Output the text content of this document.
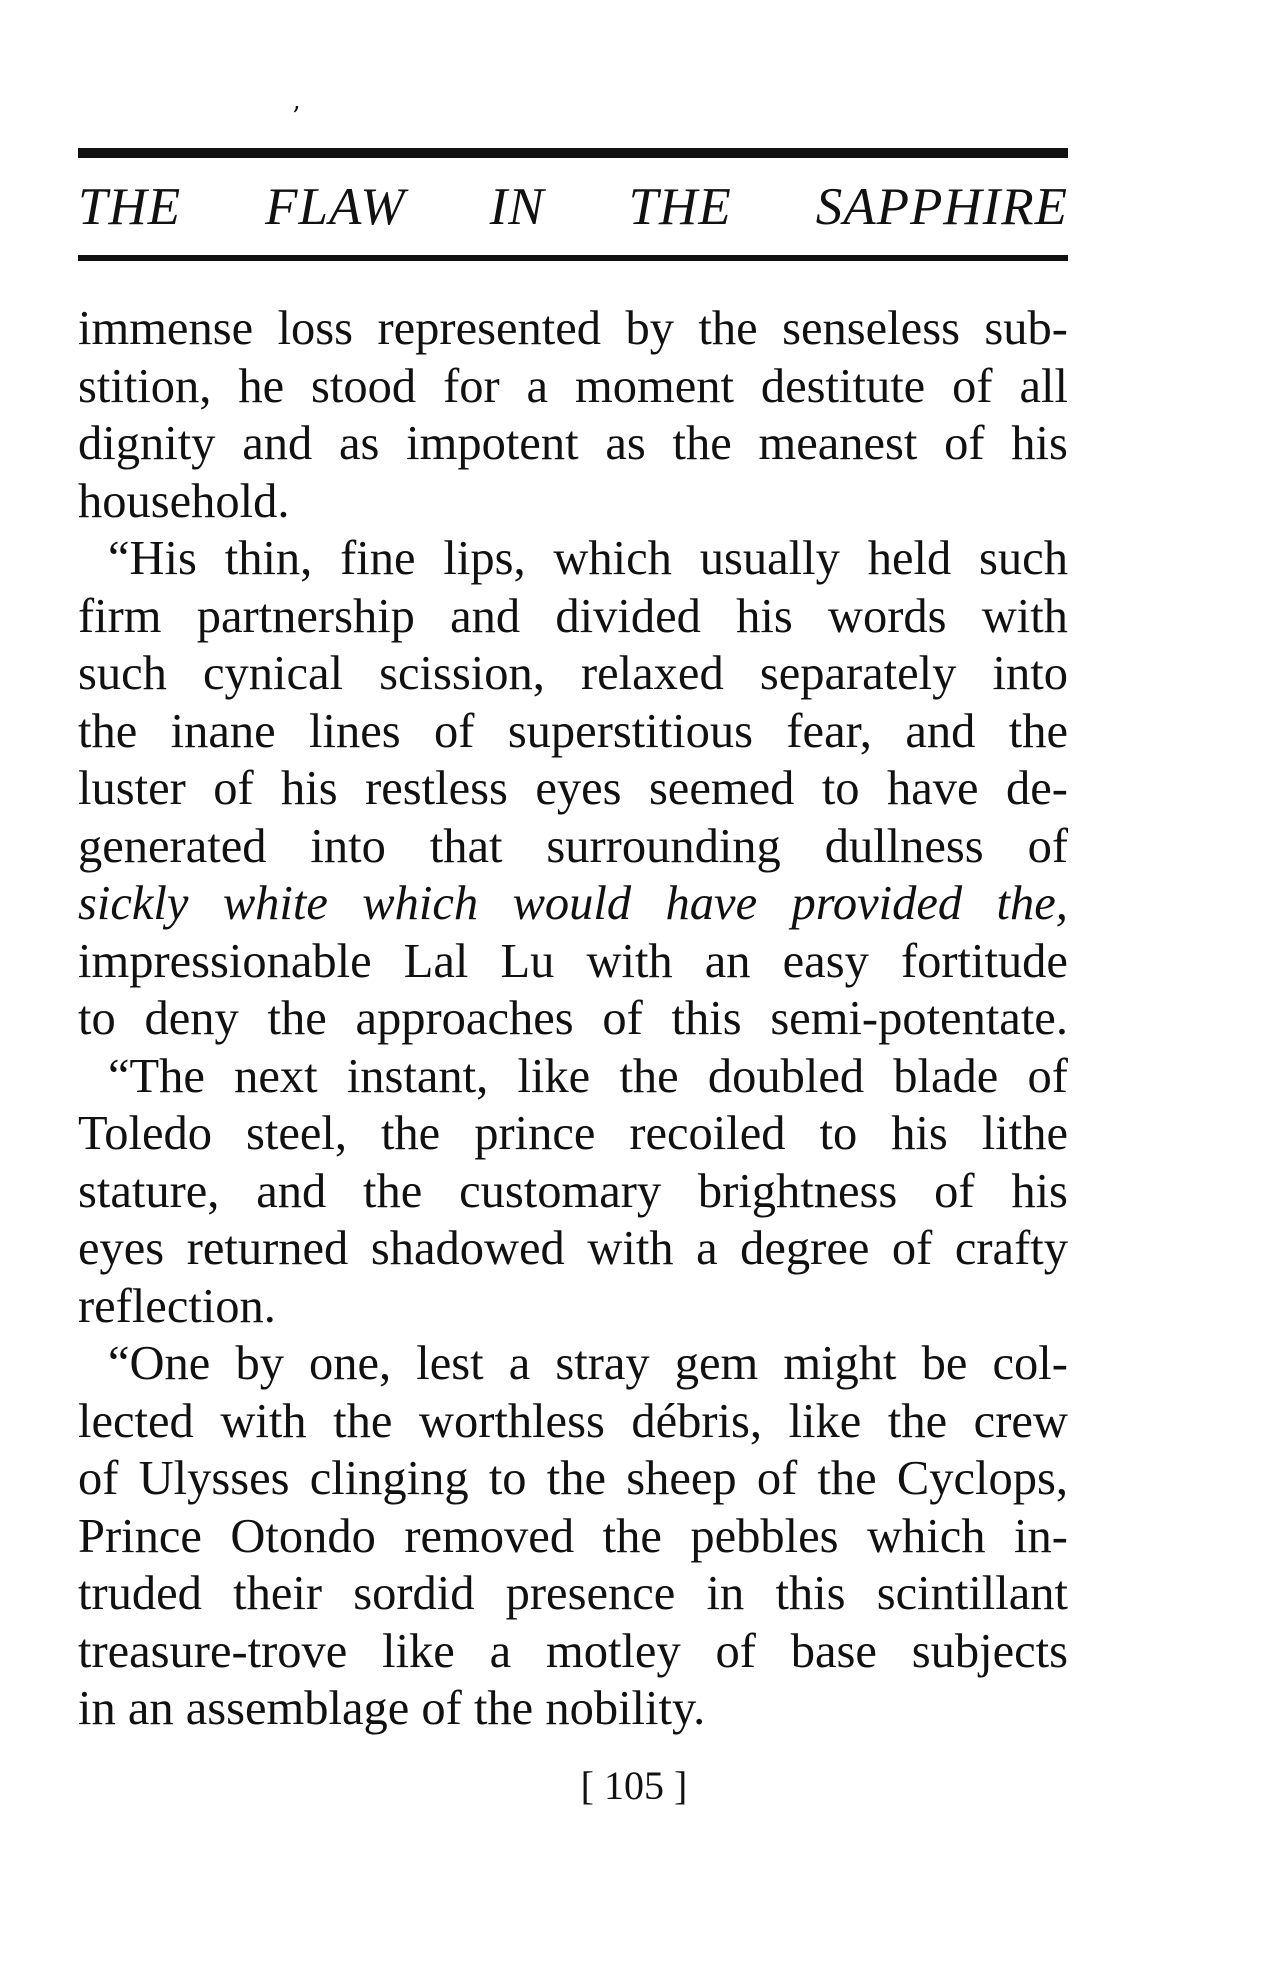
’
THE FLAW IN THE SAPPHIRE
immense loss represented by the senseless sub-
stition, he stood for a moment destitute of all
dignity and as impotent as the meanest of his
household.
“His thin, fine lips, which usually held such
firm partnership and divided his words with
such cynical scission, relaxed separately into
the inane lines of superstitious fear, and the
luster of his restless eyes seemed to have de-
generated into that surrounding dullness of
sickly white which would have provided the,
impressionable Lal Lu with an easy fortitude
to deny the approaches of this semi-potentate.
“The next instant, like the doubled blade of
Toledo steel, the prince recoiled to his lithe
stature, and the customary brightness of his
eyes returned shadowed with a degree of crafty
reflection.
“One by one, lest a stray gem might be col-
lected with the worthless débris, like the crew
of Ulysses clinging to the sheep of the Cyclops,
Prince Otondo removed the pebbles which in-
truded their sordid presence in this scintillant
treasure-trove like a motley of base subjects
in an assemblage of the nobility.
[ 105 ]
